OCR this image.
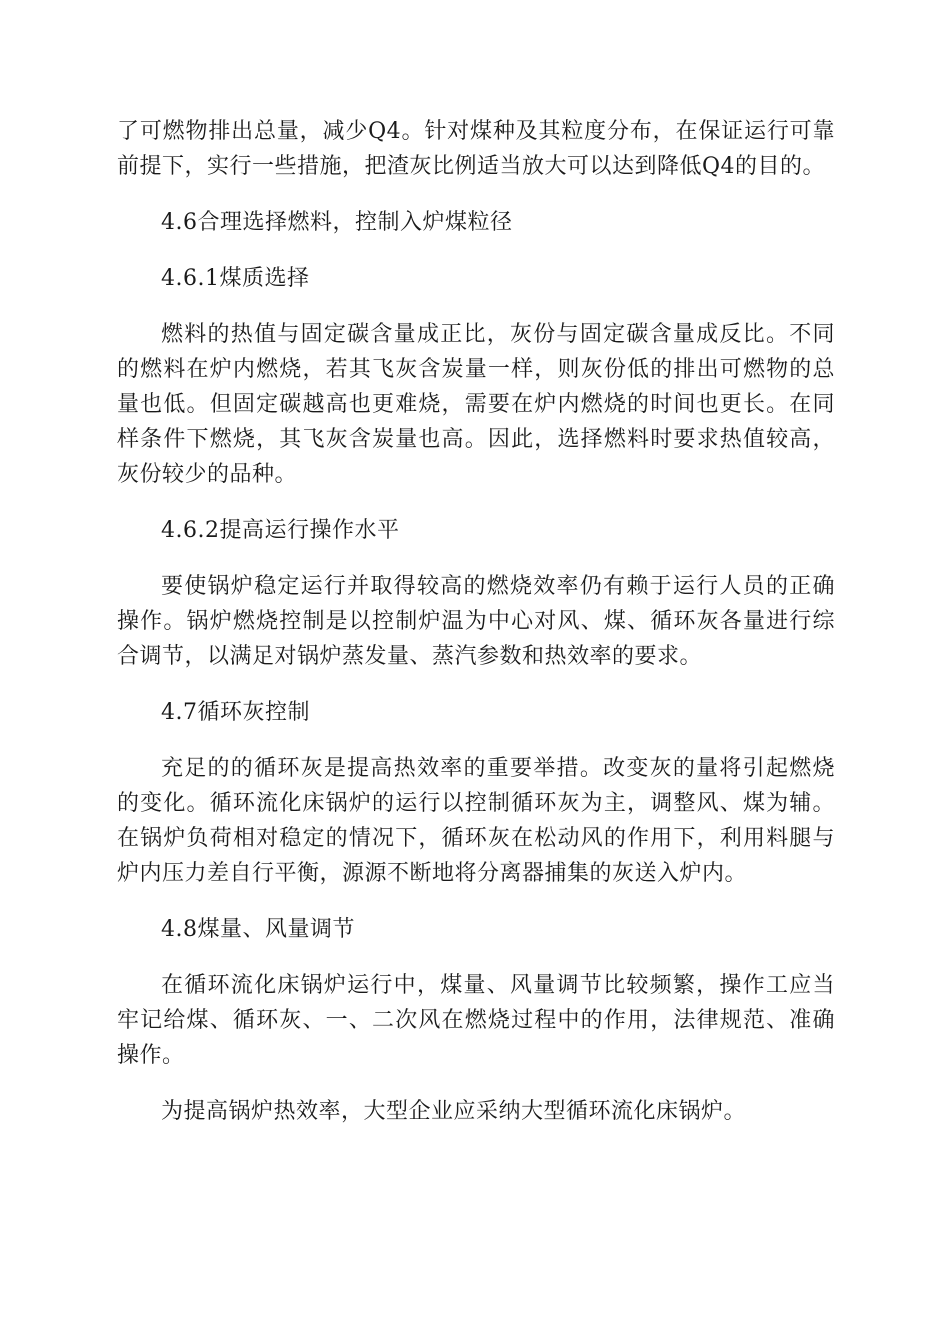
了可燃物排出总量，减少Q4。针对煤种及其粒度分布，在保证运行可靠前提下，实行一些措施，把渣灰比例适当放大可以达到降低Q4的目的。

4.6合理选择燃料，控制入炉煤粒径

4.6.1煤质选择

燃料的热值与固定碳含量成正比，灰份与固定碳含量成反比。不同的燃料在炉内燃烧，若其飞灰含炭量一样，则灰份低的排出可燃物的总量也低。但固定碳越高也更难烧，需要在炉内燃烧的时间也更长。在同样条件下燃烧，其飞灰含炭量也高。因此，选择燃料时要求热值较高，灰份较少的品种。

4.6.2提高运行操作水平

要使锅炉稳定运行并取得较高的燃烧效率仍有赖于运行人员的正确操作。锅炉燃烧控制是以控制炉温为中心对风、煤、循环灰各量进行综合调节，以满足对锅炉蒸发量、蒸汽参数和热效率的要求。

4.7循环灰控制

充足的的循环灰是提高热效率的重要举措。改变灰的量将引起燃烧的变化。循环流化床锅炉的运行以控制循环灰为主，调整风、煤为辅。在锅炉负荷相对稳定的情况下，循环灰在松动风的作用下，利用料腿与炉内压力差自行平衡，源源不断地将分离器捕集的灰送入炉内。

4.8煤量、风量调节

在循环流化床锅炉运行中，煤量、风量调节比较频繁，操作工应当牢记给煤、循环灰、一、二次风在燃烧过程中的作用，法律规范、准确操作。

为提高锅炉热效率，大型企业应采纳大型循环流化床锅炉。
